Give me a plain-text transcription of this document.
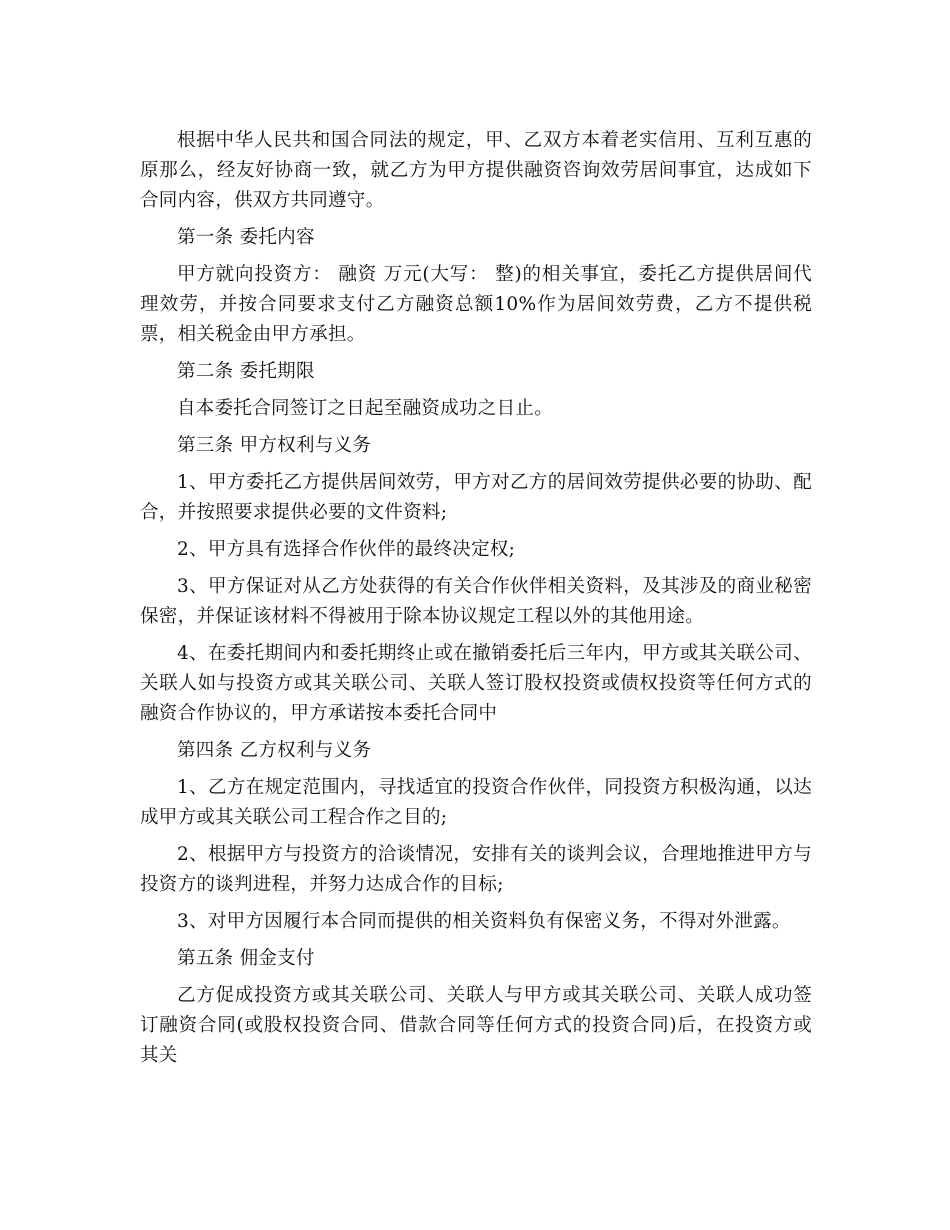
根据中华人民共和国合同法的规定，甲、乙双方本着老实信用、互利互惠的原那么，经友好协商一致，就乙方为甲方提供融资咨询效劳居间事宜，达成如下合同内容，供双方共同遵守。

第一条 委托内容

甲方就向投资方： 融资 万元(大写： 整)的相关事宜，委托乙方提供居间代理效劳，并按合同要求支付乙方融资总额10%作为居间效劳费，乙方不提供税票，相关税金由甲方承担。

第二条 委托期限

自本委托合同签订之日起至融资成功之日止。

第三条 甲方权利与义务

1、甲方委托乙方提供居间效劳，甲方对乙方的居间效劳提供必要的协助、配合，并按照要求提供必要的文件资料;

2、甲方具有选择合作伙伴的最终决定权;

3、甲方保证对从乙方处获得的有关合作伙伴相关资料，及其涉及的商业秘密保密，并保证该材料不得被用于除本协议规定工程以外的其他用途。

4、在委托期间内和委托期终止或在撤销委托后三年内，甲方或其关联公司、关联人如与投资方或其关联公司、关联人签订股权投资或债权投资等任何方式的融资合作协议的，甲方承诺按本委托合同中

第四条 乙方权利与义务

1、乙方在规定范围内，寻找适宜的投资合作伙伴，同投资方积极沟通，以达成甲方或其关联公司工程合作之目的;

2、根据甲方与投资方的洽谈情况，安排有关的谈判会议，合理地推进甲方与投资方的谈判进程，并努力达成合作的目标;

3、对甲方因履行本合同而提供的相关资料负有保密义务，不得对外泄露。

第五条 佣金支付

乙方促成投资方或其关联公司、关联人与甲方或其关联公司、关联人成功签订融资合同(或股权投资合同、借款合同等任何方式的投资合同)后，在投资方或其关
